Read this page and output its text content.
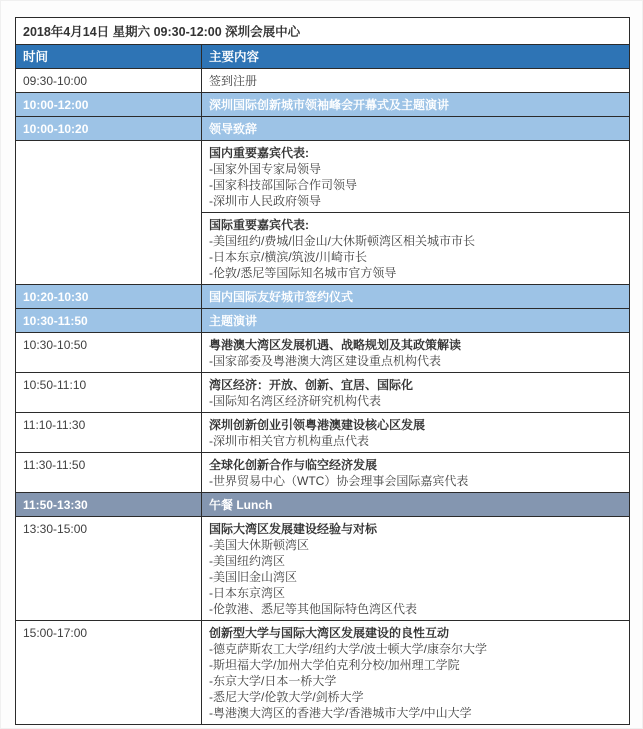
2018年4月14日 星期六 09:30-12:00 深圳会展中心	
时间	主要内容
09:30-10:00	签到注册

10:00-12:00	深圳国际创新城市领袖峰会开幕式及主题演讲

10:00-10:20	领导致辞

	国内重要嘉宾代表:
-国家外国专家局领导
-国家科技部国际合作司领导
-深圳市人民政府领导

	国际重要嘉宾代表:
-美国纽约/费城/旧金山/大休斯顿湾区相关城市市长
-日本东京/横滨/筑波/川崎市长
-伦敦/悉尼等国际知名城市官方领导

10:20-10:30	国内国际友好城市签约仪式

10:30-11:50	主题演讲

10:30-10:50	粤港澳大湾区发展机遇、战略规划及其政策解读
-国家部委及粤港澳大湾区建设重点机构代表

10:50-11:10	湾区经济：开放、创新、宜居、国际化
-国际知名湾区经济研究机构代表

11:10-11:30	深圳创新创业引领粤港澳建设核心区发展
-深圳市相关官方机构重点代表

11:30-11:50	全球化创新合作与临空经济发展
-世界贸易中心（WTC）协会理事会国际嘉宾代表

11:50-13:30	午餐 Lunch

13:30-15:00	国际大湾区发展建设经验与对标
-美国大休斯顿湾区
-美国纽约湾区
-美国旧金山湾区
-日本东京湾区
-伦敦港、悉尼等其他国际特色湾区代表

15:00-17:00	创新型大学与国际大湾区发展建设的良性互动
-德克萨斯农工大学/纽约大学/波士顿大学/康奈尔大学
-斯坦福大学/加州大学伯克利分校/加州理工学院
-东京大学/日本一桥大学
-悉尼大学/伦敦大学/剑桥大学
-粤港澳大湾区的香港大学/香港城市大学/中山大学
